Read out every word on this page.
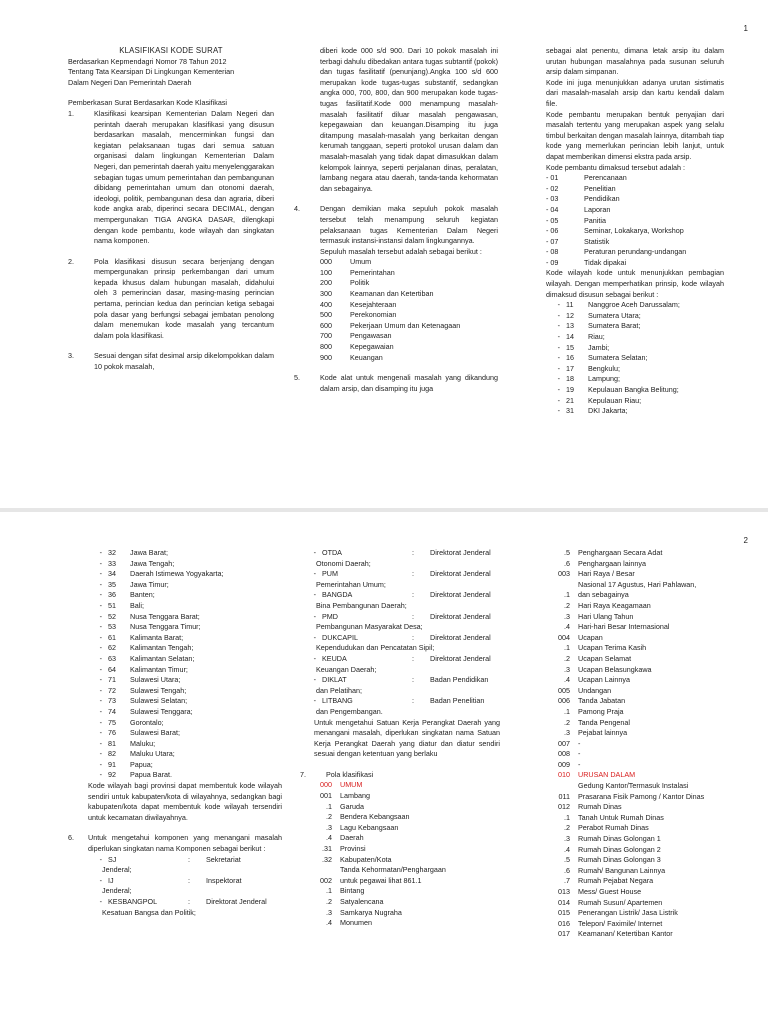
1

KLASIFIKASI KODE SURAT

Berdasarkan Kepmendagri Nomor 78 Tahun 2012

Tentang Tata Kearsipan Di Lingkungan Kementerian

Dalam Negeri Dan Pemerintah Daerah

Pemberkasan Surat Berdasarkan Kode Klasifikasi

1.	Klasifikasi kearsipan Kementerian Dalam Negeri dan perintah daerah merupakan klasifikasi yang disusun berdasarkan masalah, mencerminkan fungsi dan kegiatan pelaksanaan tugas dari semua satuan organisasi dalam lingkungan Kementerian Dalam Negeri, dan pemerintah daerah yaitu menyelenggarakan sebagian tugas umum pemerintahan dan pembangunan dibidang pemerintahan umum dan otonomi daerah, ideologi, politik, pembangunan desa dan agraria, diberi kode angka arab, diperinci secara DECIMAL, dengan mempergunakan TIGA ANGKA DASAR, dilengkapi dengan kode pembantu, kode wilayah dan singkatan nama komponen.
2.	Pola klasifikasi disusun secara berjenjang dengan mempergunakan prinsip perkembangan dari umum kepada khusus dalam hubungan masalah, didahului oleh 3 pemerincian dasar, masing-masing perincian pertama, perincian kedua dan perincian ketiga sebagai pola dasar yang berfungsi sebagai jembatan penolong dalam menemukan kode masalah yang tercantum dalam pola klasifikasi.
3.	Sesuai dengan sifat desimal arsip dikelompokkan dalam 10 pokok masalah,

diberi kode 000 s/d 900. Dari 10 pokok masalah ini terbagi dahulu dibedakan antara tugas subtantif (pokok) dan tugas fasilitatif (penunjang).Angka 100 s/d 600 merupakan kode tugas-tugas substantif, sedangkan angka 000, 700, 800, dan 900 merupakan kode tugas-tugas fasilitatif.Kode 000 menampung masalah-masalah fasilitatif diluar masalah pengawasan, kepegawaian dan keuangan.Disamping itu juga ditampung masalah-masalah yang berkaitan dengan kerumah tanggaan, seperti protokol urusan dalam dan masalah-masalah yang tidak dapat dimasukkan dalam kelompok lainnya, seperti perjalanan dinas, peralatan, lambang negara atau daerah, tanda-tanda kehormatan dan sebagainya.

4.	Dengan demikian maka sepuluh pokok masalah tersebut telah menampung seluruh kegiatan pelaksanaan tugas Kementerian Dalam Negeri termasuk instansi-instansi dalam lingkungannya.

Sepuluh masalah tersebut adalah sebagai berikut :

000	Umum
100	Pemerintahan
200	Politik
300	Keamanan dan Ketertiban
400	Kesejahteraan
500	Perekonomian
600	Pekerjaan Umum dan Ketenagaan
700	Pengawasan
800	Kepegawaian
900	Keuangan
5.	Kode alat untuk mengenali masalah yang dikandung dalam arsip, dan disamping itu juga

sebagai alat penentu, dimana letak arsip itu dalam urutan hubungan masalahnya pada susunan seluruh arsip dalam simpanan.

Kode ini juga menunjukkan adanya urutan sistimatis dari masalah-masalah arsip dan kartu kendali dalam file.

Kode pembantu merupakan bentuk penyajian dari masalah tertentu yang merupakan aspek yang selalu timbul berkaitan dengan masalah lainnya, ditambah tiap kode yang memerlukan perincian lebih lanjut, untuk dapat memberikan dimensi ekstra pada arsip.

Kode pembantu dimaksud tersebut adalah :

- 01	Perencanaan
- 02	Penelitian
- 03	Pendidikan
- 04	Laporan
- 05	Panitia
- 06	Seminar, Lokakarya, Workshop
- 07	Statistik
- 08	Peraturan perundang-undangan
- 09	Tidak dipakai

Kode wilayah kode untuk menunjukkan pembagian wilayah. Dengan memperhatikan prinsip, kode wilayah dimaksud disusun sebagai berikut :

- 11	Nanggroe Aceh Darussalam;
- 12	Sumatera Utara;
- 13	Sumatera Barat;
- 14	Riau;
- 15	Jambi;
- 16	Sumatera Selatan;
- 17	Bengkulu;
- 18	Lampung;
- 19	Kepulauan Bangka Belitung;
- 21	Kepulauan Riau;
- 31	DKI Jakarta;
2
- 32	Jawa Barat;
- 33	Jawa Tengah;
- 34	Daerah Istimewa Yogyakarta;
- 35	Jawa Timur;
- 36	Banten;
- 51	Bali;
- 52	Nusa Tenggara Barat;
- 53	Nusa Tenggara Timur;
- 61	Kalimanta Barat;
- 62	Kalimantan Tengah;
- 63	Kalimantan Selatan;
- 64	Kalimantan Timur;
- 71	Sulawesi Utara;
- 72	Sulawesi Tengah;
- 73	Sulawesi Selatan;
- 74	Sulawesi Tenggara;
- 75	Gorontalo;
- 76	Sulawesi Barat;
- 81	Maluku;
- 82	Maluku Utara;
- 91	Papua;
- 92	Papua Barat.

Kode wilayah bagi provinsi dapat membentuk kode wilayah sendiri untuk kabupaten/kota di wilayahnya, sedangkan bagi kabupaten/kota dapat membentuk kode wilayah tersendiri untuk kecamatan diwilayahnya.

6.	Untuk mengetahui komponen yang menangani masalah diperlukan singkatan nama Komponen sebagai berikut :
- SJ	:	Sekretariat
Jenderal;
- IJ	:	Inspektorat
Jenderal;
- KESBANGPOL	:	Direktorat Jenderal
Kesatuan Bangsa dan Politik;
- OTDA	:	Direktorat Jenderal
Otonomi Daerah;
- PUM	:	Direktorat Jenderal
Pemerintahan Umum;
- BANGDA	:	Direktorat Jenderal
Bina Pembangunan Daerah;
- PMD	:	Direktorat Jenderal
Pembangunan Masyarakat Desa;
- DUKCAPIL	:	Direktorat Jenderal
Kependudukan dan Pencatatan Sipil;
- KEUDA	:	Direktorat Jenderal
Keuangan Daerah;
- DIKLAT	:	Badan Pendidikan
dan Pelatihan;
- LITBANG	:	Badan Penelitian
dan Pengembangan.

Untuk mengetahui Satuan Kerja Perangkat Daerah yang menangani masalah, diperlukan singkatan nama Satuan Kerja Perangkat Daerah yang diatur dan diatur sendiri sesuai dengan ketentuan yang berlaku

7.	Pola klasifikasi
000	UMUM
001	Lambang
.1	Garuda
.2	Bendera Kebangsaan
.3	Lagu Kebangsaan
.4	Daerah
.31	Provinsi
.32	Kabupaten/Kota
Tanda Kehormatan/Penghargaan
002	untuk pegawai lihat 861.1
.1	Bintang
.2	Satyalencana
.3	Samkarya Nugraha
.4	Monumen
.5	Penghargaan Secara Adat
.6	Penghargaan lainnya
003	Hari Raya / Besar
Nasional 17 Agustus, Hari Pahlawan,
.1	dan sebagainya
.2	Hari Raya Keagamaan
.3	Hari Ulang Tahun
.4	Hari-hari Besar Internasional
004	Ucapan
.1	Ucapan Terima Kasih
.2	Ucapan Selamat
.3	Ucapan Belasungkawa
.4	Ucapan Lainnya
005	Undangan
006	Tanda Jabatan
.1	Pamong Praja
.2	Tanda Pengenal
.3	Pejabat lainnya
007	-
008	-
009	-
010	URUSAN DALAM
Gedung Kantor/Termasuk Instalasi
011	Prasarana Fisik Pamong / Kantor Dinas
012	Rumah Dinas
.1	Tanah Untuk Rumah Dinas
.2	Perabot Rumah Dinas
.3	Rumah Dinas Golongan 1
.4	Rumah Dinas Golongan 2
.5	Rumah Dinas Golongan 3
.6	Rumah/ Bangunan Lainnya
.7	Rumah Pejabat Negara
013	Mess/ Guest House
014	Rumah Susun/ Apartemen
015	Penerangan Listrik/ Jasa Listrik
016	Telepon/ Faximile/ Internet
017	Keamanan/ Ketertiban Kantor
